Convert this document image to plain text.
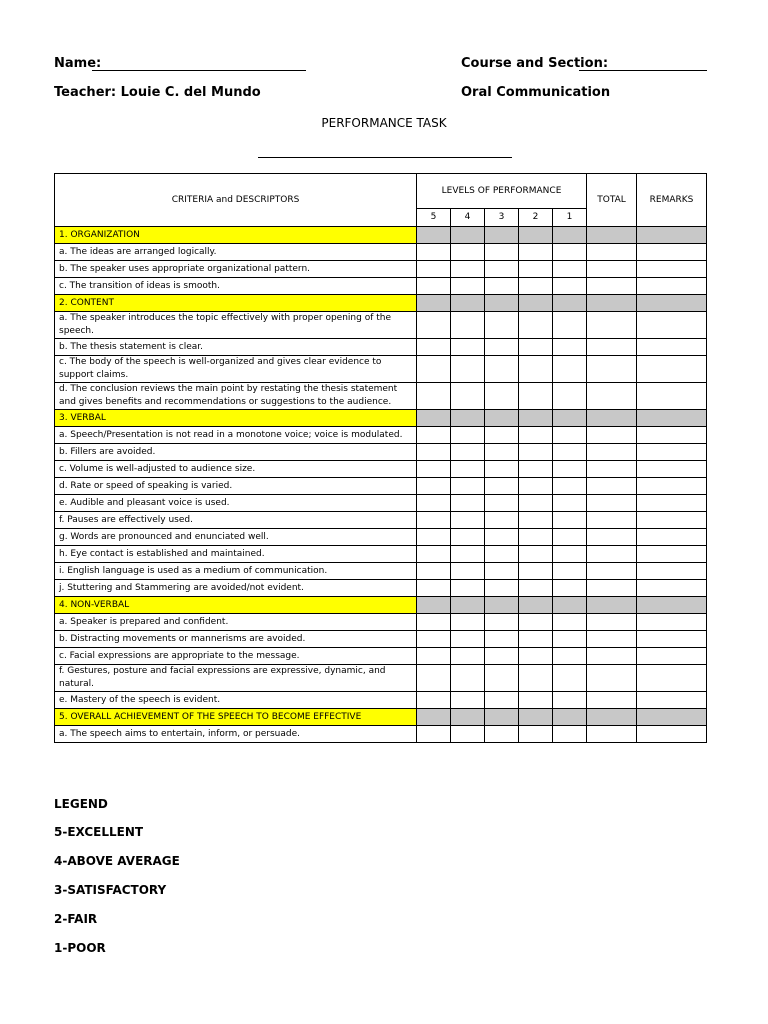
Name:	Course and Section:
Teacher: Louie C. del Mundo	Oral Communication
PERFORMANCE TASK
CRITERIA and DESCRIPTORS	LEVELS OF PERFORMANCE					TOTAL	REMARKS
	5	4	3	2	1		
1. ORGANIZATION							
a. The ideas are arranged logically.							
b. The speaker uses appropriate organizational pattern.							
c. The transition of ideas is smooth.							
2. CONTENT							
a. The speaker introduces the topic effectively with proper opening of the speech.							
b. The thesis statement is clear.							
c. The body of the speech is well-organized and gives clear evidence to support claims.							
d. The conclusion reviews the main point by restating the thesis statement and gives benefits and recommendations or suggestions to the audience.							
3. VERBAL							
a. Speech/Presentation is not read in a monotone voice; voice is modulated.							
b. Fillers are avoided.							
c. Volume is well-adjusted to audience size.							
d. Rate or speed of speaking is varied.							
e. Audible and pleasant voice is used.							
f. Pauses are effectively used.							
g. Words are pronounced and enunciated well.							
h. Eye contact is established and maintained.							
i. English language is used as a medium of communication.							
j. Stuttering and Stammering are avoided/not evident.							
4. NON-VERBAL							
a. Speaker is prepared and confident.							
b. Distracting movements or mannerisms are avoided.							
c. Facial expressions are appropriate to the message.							
f. Gestures, posture and facial expressions are expressive, dynamic, and natural.							
e. Mastery of the speech is evident.							
5. OVERALL ACHIEVEMENT OF THE SPEECH TO BECOME EFFECTIVE							
a. The speech aims to entertain, inform, or persuade.							
LEGEND
5-EXCELLENT
4-ABOVE AVERAGE
3-SATISFACTORY
2-FAIR
1-POOR
